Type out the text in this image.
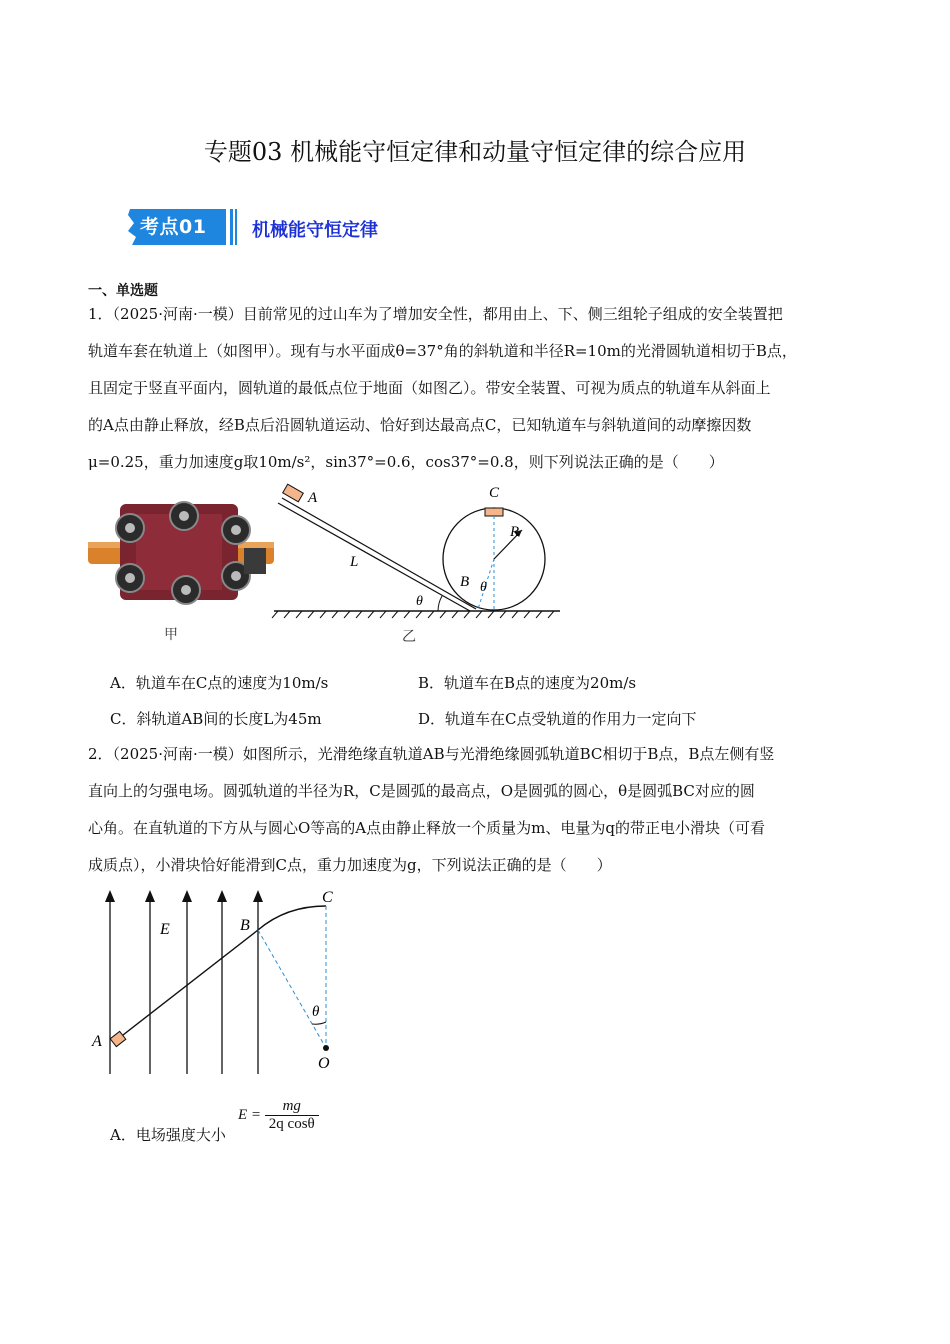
专题03 机械能守恒定律和动量守恒定律的综合应用
考点01	机械能守恒定律
一、单选题

1．（2025·河南·一模）目前常见的过山车为了增加安全性，都用由上、下、侧三组轮子组成的安全装置把

轨道车套在轨道上（如图甲）。现有与水平面成θ=37°角的斜轨道和半径R=10m的光滑圆轨道相切于B点，

且固定于竖直平面内，圆轨道的最低点位于地面（如图乙）。带安全装置、可视为质点的轨道车从斜面上

的A点由静止释放，经B点后沿圆轨道运动、恰好到达最高点C，已知轨道车与斜轨道间的动摩擦因数

μ=0.25，重力加速度g取10m/s²，sin37°=0.6，cos37°=0.8，则下列说法正确的是（　　）

甲
A
L
C
R
B θ
θ
乙
A．轨道车在C点的速度为10m/s	B．轨道车在B点的速度为20m/s
C．斜轨道AB间的长度L为45m	D．轨道车在C点受轨道的作用力一定向下

2．（2025·河南·一模）如图所示，光滑绝缘直轨道AB与光滑绝缘圆弧轨道BC相切于B点，B点左侧有竖

直向上的匀强电场。圆弧轨道的半径为R，C是圆弧的最高点，O是圆弧的圆心，θ是圆弧BC对应的圆

心角。在直轨道的下方从与圆心O等高的A点由静止释放一个质量为m、电量为q的带正电小滑块（可看

成质点），小滑块恰好能滑到C点，重力加速度为g，下列说法正确的是（　　）

A
B
C
E
O
θ
A．电场强度大小
$E = \frac{mg}{\text{2q cosθ}}$
